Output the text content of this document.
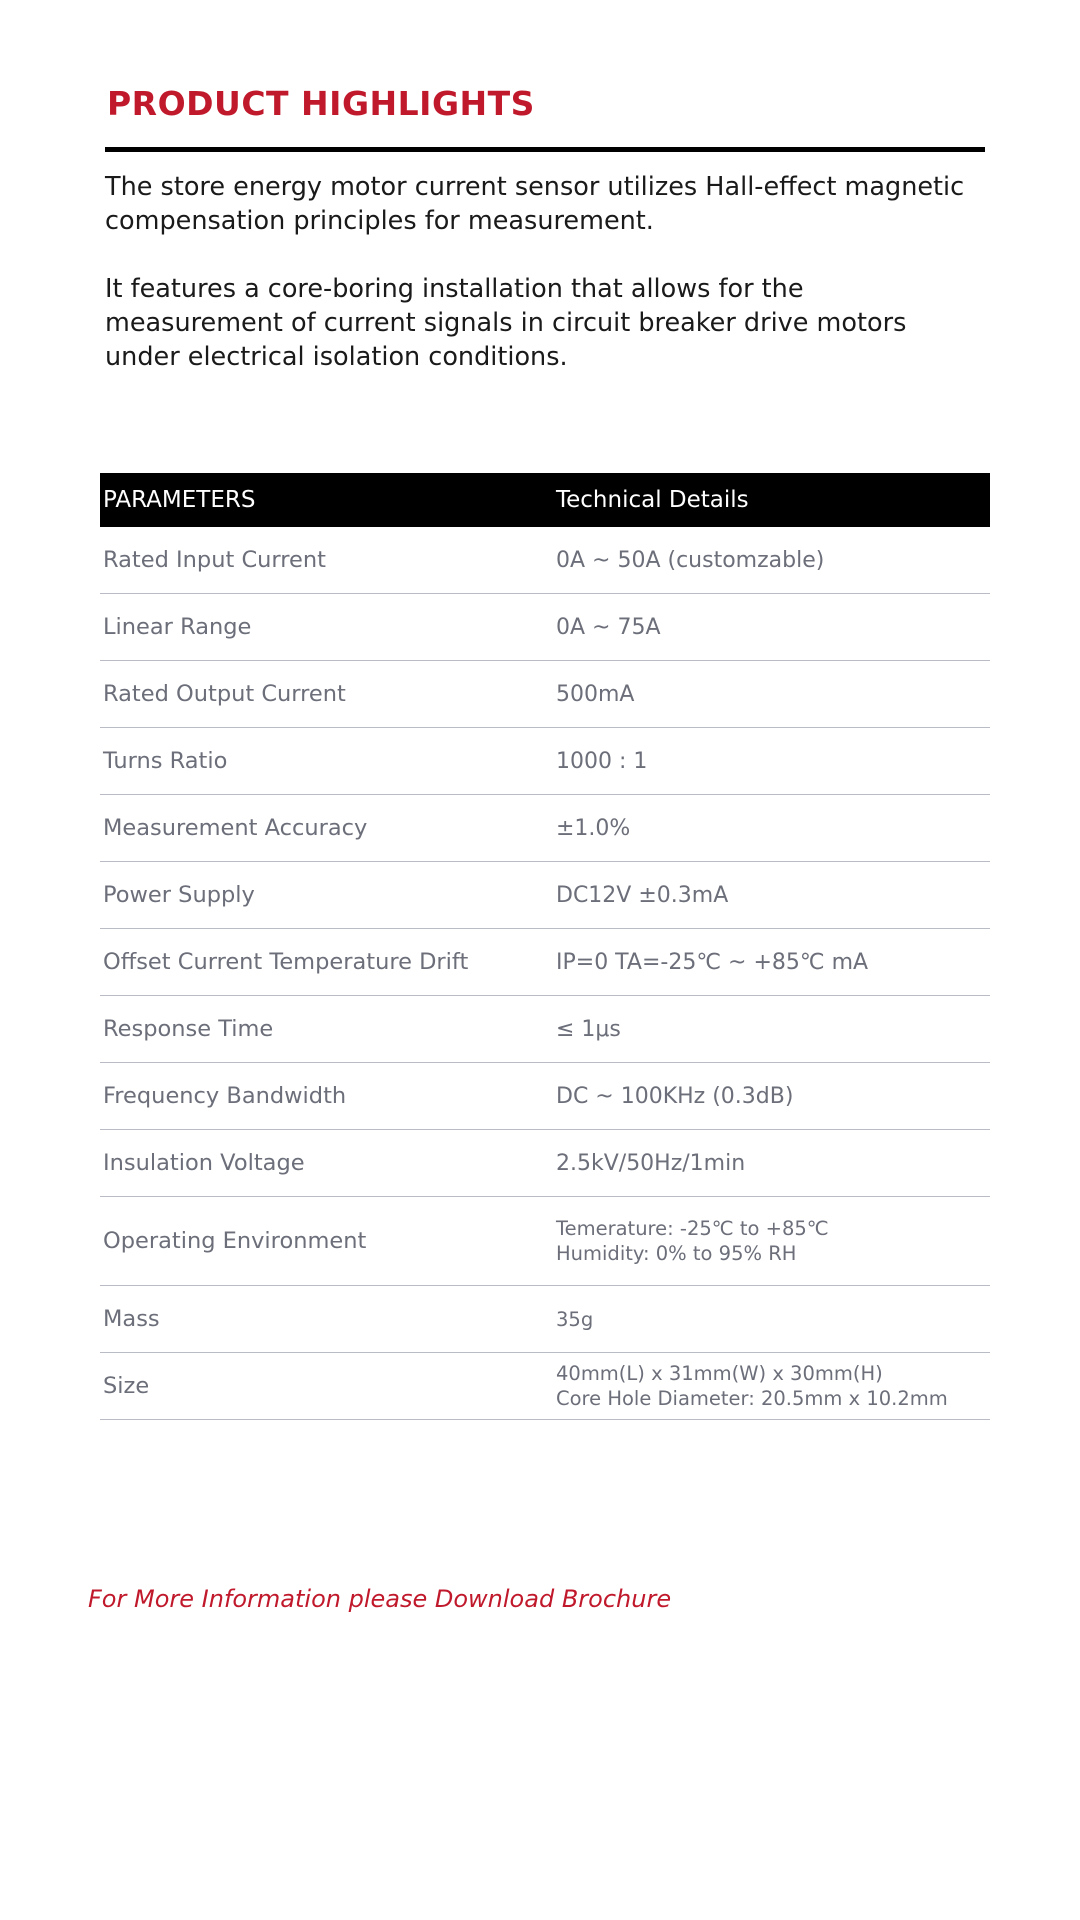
PRODUCT HIGHLIGHTS

The store energy motor current sensor utilizes Hall-effect magnetic compensation principles for measurement.

It features a core-boring installation that allows for the measurement of current signals in circuit breaker drive motors under electrical isolation conditions.

PARAMETERS	Technical Details
Rated Input Current	0A ~ 50A (customzable)
Linear Range	0A ~ 75A
Rated Output Current	500mA
Turns Ratio	1000 : 1
Measurement Accuracy	±1.0%
Power Supply	DC12V ±0.3mA
Offset Current Temperature Drift	IP=0 TA=-25℃ ~ +85℃ mA
Response Time	≤ 1μs
Frequency Bandwidth	DC ~ 100KHz (0.3dB)
Insulation Voltage	2.5kV/50Hz/1min
Operating Environment	Temerature: -25℃ to +85℃
Humidity: 0% to 95% RH

Mass	35g
Size	40mm(L) x 31mm(W) x 30mm(H)
Core Hole Diameter: 20.5mm x 10.2mm
For More Information please Download Brochure
